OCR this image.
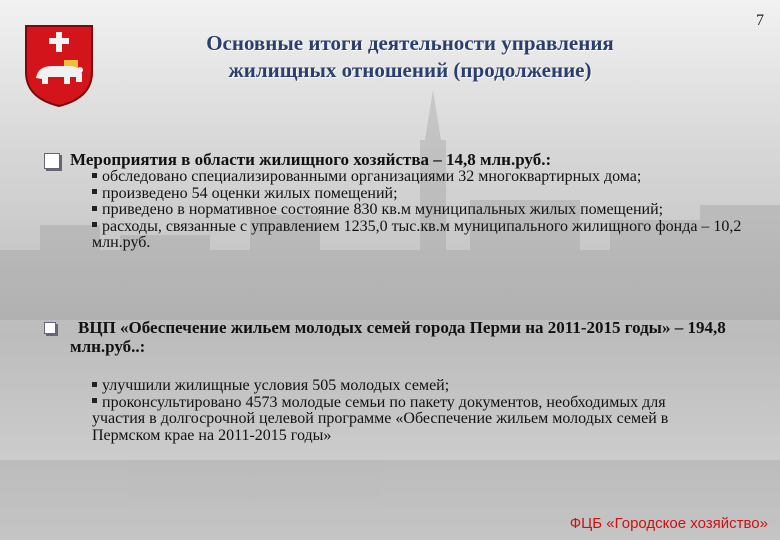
7
Основные итоги деятельности управления
жилищных отношений (продолжение)
Мероприятия в области жилищного хозяйства – 14,8 млн.руб.:
обследовано специализированными организациями 32 многоквартирных дома;
произведено 54 оценки жилых помещений;
приведено в нормативное состояние 830 кв.м муниципальных жилых помещений;
расходы, связанные с управлением 1235,0 тыс.кв.м муниципального жилищного фонда – 10,2 млн.руб.
ВЦП «Обеспечение жильем молодых семей города Перми на 2011-2015 годы» – 194,8 млн.руб..:
улучшили жилищные условия 505 молодых семей;
проконсультировано 4573 молодые семьи по пакету документов, необходимых для участия в долгосрочной целевой программе «Обеспечение жильем молодых семей в Пермском крае на 2011-2015 годы»
ФЦБ «Городское хозяйство»
